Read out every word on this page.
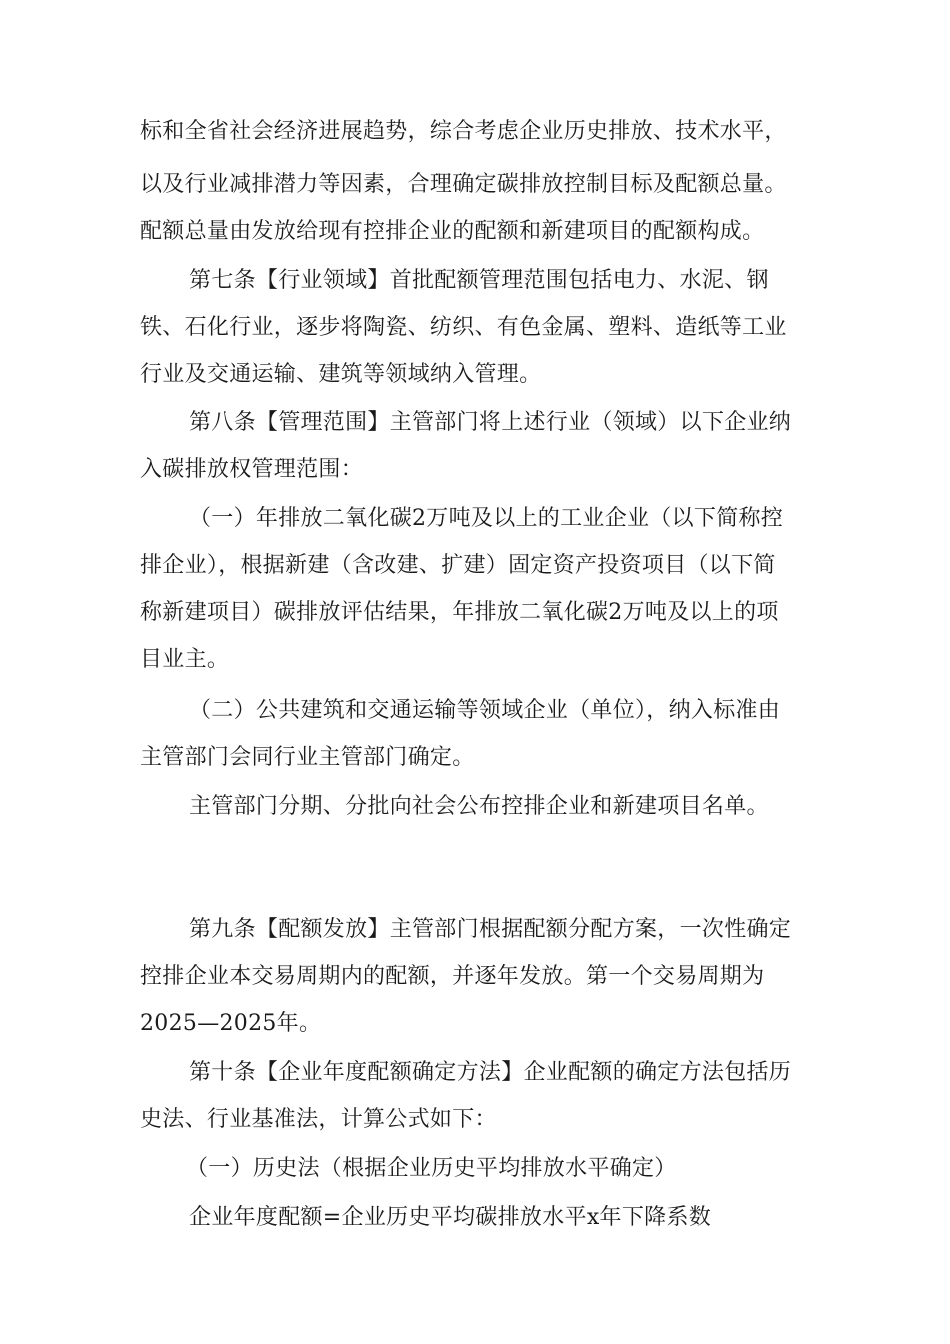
标和全省社会经济进展趋势，综合考虑企业历史排放、技术水平，
以及行业减排潜力等因素，合理确定碳排放控制目标及配额总量。
配额总量由发放给现有控排企业的配额和新建项目的配额构成。
第七条【行业领域】首批配额管理范围包括电力、水泥、钢
铁、石化行业，逐步将陶瓷、纺织、有色金属、塑料、造纸等工业
行业及交通运输、建筑等领域纳入管理。
第八条【管理范围】主管部门将上述行业（领域）以下企业纳
入碳排放权管理范围：
（一）年排放二氧化碳2万吨及以上的工业企业（以下简称控
排企业），根据新建（含改建、扩建）固定资产投资项目（以下简
称新建项目）碳排放评估结果，年排放二氧化碳2万吨及以上的项
目业主。
（二）公共建筑和交通运输等领域企业（单位），纳入标准由
主管部门会同行业主管部门确定。
主管部门分期、分批向社会公布控排企业和新建项目名单。
第九条【配额发放】主管部门根据配额分配方案，一次性确定
控排企业本交易周期内的配额，并逐年发放。第一个交易周期为
2025—2025年。
第十条【企业年度配额确定方法】企业配额的确定方法包括历
史法、行业基准法，计算公式如下：
（一）历史法（根据企业历史平均排放水平确定）
企业年度配额=企业历史平均碳排放水平x年下降系数
